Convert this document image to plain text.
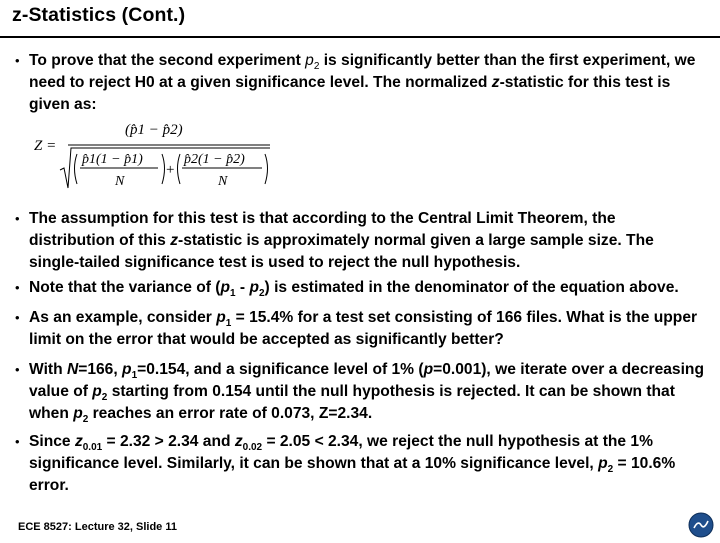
z-Statistics (Cont.)
• To prove that the second experiment $p_2$ is significantly better than the first experiment, we need to reject H0 at a given significance level. The normalized z-statistic for this test is given as:
• The assumption for this test is that according to the Central Limit Theorem, the distribution of this z-statistic is approximately normal given a large sample size. The single-tailed significance test is used to reject the null hypothesis.
• Note that the variance of $(p_1 - p_2)$ is estimated in the denominator of the equation above.
• As an example, consider $p_1 = 15.4\%$ for a test set consisting of 166 files. What is the upper limit on the error that would be accepted as significantly better?
• With N=166, $p_1=0.154$, and a significance level of 1% (p=0.001), we iterate over a decreasing value of $p_2$ starting from 0.154 until the null hypothesis is rejected. It can be shown that when $p_2$ reaches an error rate of 0.073, Z=2.34.
• Since $z_{0.01} = 2.32 > 2.34$ and $z_{0.02} = 2.05 < 2.34$, we reject the null hypothesis at the 1% significance level. Similarly, it can be shown that at a 10% significance level, $p_2 = 10.6\%$ error.
Z =
(p̂1 − p̂2)
p̂1(1 − p̂1)
N
+
p̂2(1 − p̂2)
N
ECE 8527: Lecture 32, Slide 11
